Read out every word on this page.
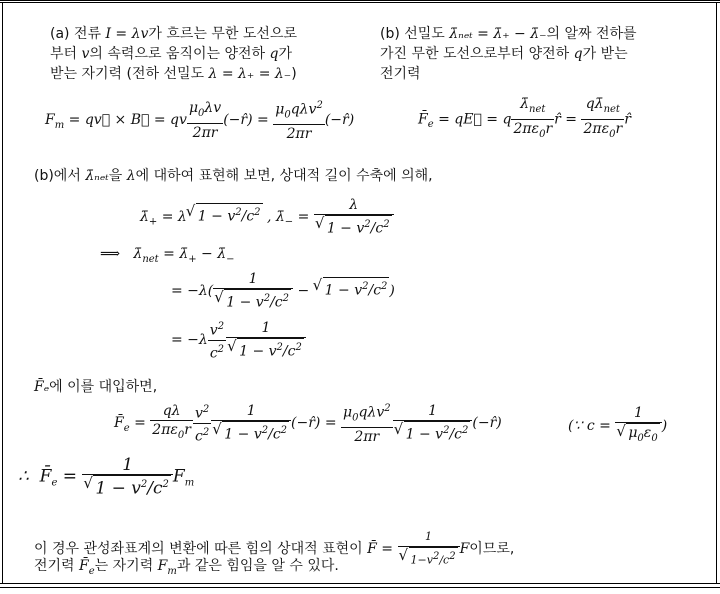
(a) 전류 I = λv가 흐르는 무한 도선으로
부터 v의 속력으로 움직이는 양전하 q가
받는 자기력 (전하 선밀도 λ = λ₊ = λ₋)
(b) 선밀도 λ̄ₙₑₜ = λ̄₊ − λ̄₋의 알짜 전하를
가진 무한 도선으로부터 양전하 q가 받는
전기력
$F_m$ = qv⃗ × B⃗ = qv $\frac{\mu_0\lambda v}{2\pi r}$ (−r̂) = $\frac{\mu_0q\lambda v^2}{2\pi r}$ (−r̂)	$F̄_e$ = qE⃗ = q $\frac{\lambdā_{net}}{2\pi\varepsilon_0r}$ r̂ = $\frac{q\lambdā_{net}}{2\pi\varepsilon_0r}$ r̂
(b)에서 λ̄ₙₑₜ을 λ에 대하여 표현해 보면, 상대적 길이 수축에 의해,
$\lambdā_+ = \lambda√$ $1 - v^2/c^2$ , $\lambdā_- = \lambda$
√ $1 - v^2/c^2$
⟹   $\lambdā_{net}$ = $\lambdā_+$ − $\lambdā_-$
= −λ( 1
√ $1 - v^2/c^2$ − √ $1 - v^2/c^2$ )
= $-\lambda \frac{v^2}{c^2} 1$
√ $1 - v^2/c^2$
F̄ₑ에 이를 대입하면,
$F̄_e = \frac{q\lambda}{2\pi\varepsilon_0r} \frac{v^2}{c^2} 1$
√ $1 - v^2/c^2$ (−r̂) = $\frac{\mu_0q\lambda v^2}{2\pi r} 1$
√ $1 - v^2/c^2$ (−r̂)	(∵ c = 1
√ $\mu_0\varepsilon_0$ )
∴  $F̄_e = 1$
√ $1 - v^2/c^2$ $F_m$
이 경우 관성좌표계의 변환에 따른 힘의 상대적 표현이 F̄ = 1
√ $1-v^2/c^2$ F이므로,
전기력 $F̄_e$는 자기력 $F_m$과 같은 힘임을 알 수 있다.
